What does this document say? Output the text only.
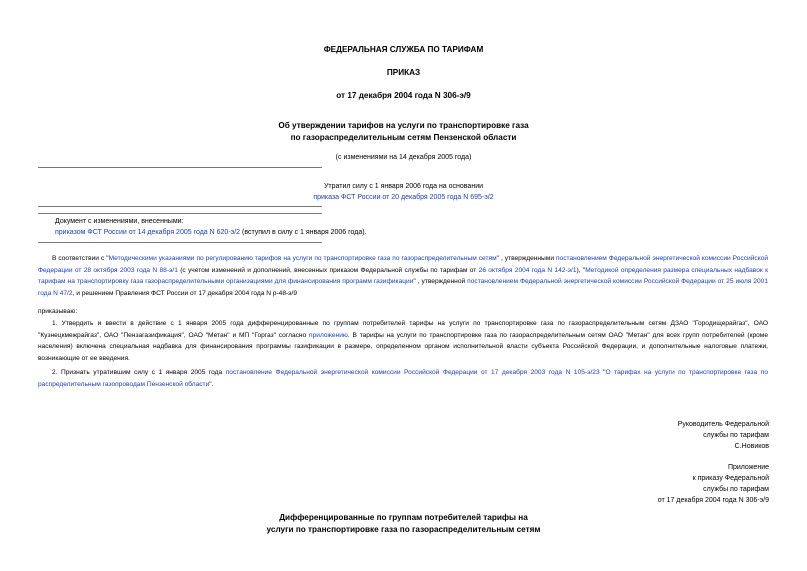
ФЕДЕРАЛЬНАЯ СЛУЖБА ПО ТАРИФАМ
ПРИКАЗ
от 17 декабря 2004 года N 306-э/9
Об утверждении тарифов на услуги по транспортировке газа
по газораспределительным сетям Пензенской области
(с изменениями на 14 декабря 2005 года)
Утратил силу с 1 января 2006 года на основании
приказа ФСТ России от 20 декабря 2005 года N 695-э/2
Документ с изменениями, внесенными:
приказом ФСТ России от 14 декабря 2005 года N 620-э/2 (вступил в силу с 1 января 2006 года).
В соответствии с "Методическими указаниями по регулированию тарифов на услуги по транспортировке газа по газораспределительным сетям" , утвержденными постановлением Федеральной энергетической комиссии Российской Федерации от 28 октября 2003 года N 88-э/1 (с учетом изменений и дополнений, внесенных приказом Федеральной службы по тарифам от 26 октября 2004 года N 142-э/1), "Методикой определения размера специальных надбавок к тарифам на транспортировку газа газораспределительными организациями для финансирования программ газификации" , утвержденной постановлением Федеральной энергетической комиссии Российской Федерации от 25 июля 2001 года N 47/2, и решением Правления ФСТ России от 17 декабря 2004 года N р-48-э/9
приказываю:
1. Утвердить и ввести в действие с 1 января 2005 года дифференцированные по группам потребителей тарифы на услуги по транспортировке газа по газораспределительным сетям ДЗАО "Городищерайгаз", ОАО "Кузнецкмежрайгаз", ОАО "Пензагазификация", ОАО "Метан" и МП "Горгаз" согласно приложению. В тарифы на услуги по транспортировке газа по газораспределительным сетям ОАО "Метан" для всех групп потребителей (кроме населения) включена специальная надбавка для финансирования программы газификации в размере, определенном органом исполнительной власти субъекта Российской Федерации, и дополнительные налоговые платежи, возникающие от ее введения.
2. Признать утратившим силу с 1 января 2005 года постановление Федеральной энергетической комиссии Российской Федерации от 17 декабря 2003 года N 105-э/23 "О тарифах на услуги по транспортировке газа по распределительным газопроводам Пензенской области".
Руководитель Федеральной
службы по тарифам
С.Новиков
Приложение
к приказу Федеральной
службы по тарифам
от 17 декабря 2004 года N 306-э/9
Дифференцированные по группам потребителей тарифы на
услуги по транспортировке газа по газораспределительным сетям
